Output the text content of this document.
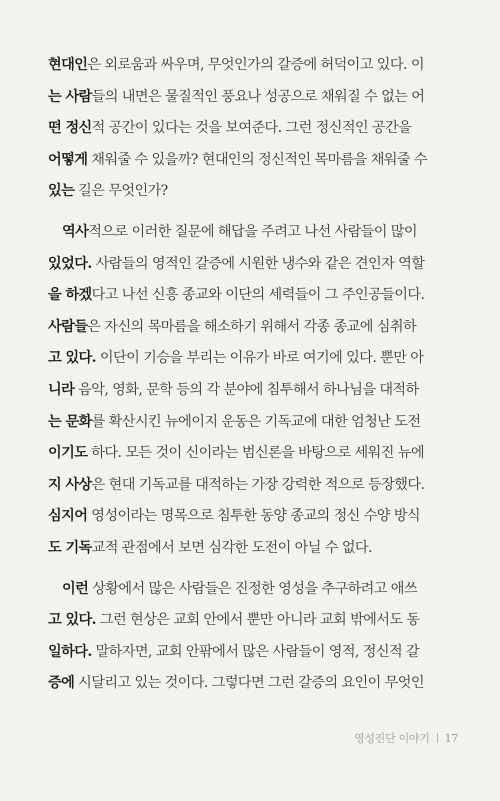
현대인은 외로움과 싸우며, 무엇인가의 갈증에 허덕이고 있다. 이
는 사람들의 내면은 물질적인 풍요나 성공으로 채워질 수 없는 어
떤 정신적 공간이 있다는 것을 보여준다. 그런 정신적인 공간을
어떻게 채워줄 수 있을까? 현대인의 정신적인 목마름을 채워줄 수
있는 길은 무엇인가?
역사적으로 이러한 질문에 해답을 주려고 나선 사람들이 많이
있었다. 사람들의 영적인 갈증에 시원한 냉수와 같은 견인자 역할
을 하겠다고 나선 신흥 종교와 이단의 세력들이 그 주인공들이다.
사람들은 자신의 목마름을 해소하기 위해서 각종 종교에 심취하
고 있다. 이단이 기승을 부리는 이유가 바로 여기에 있다. 뿐만 아
니라 음악, 영화, 문학 등의 각 분야에 침투해서 하나님을 대적하
는 문화를 확산시킨 뉴에이지 운동은 기독교에 대한 엄청난 도전
이기도 하다. 모든 것이 신이라는 범신론을 바탕으로 세워진 뉴에
지 사상은 현대 기독교를 대적하는 가장 강력한 적으로 등장했다.
심지어 영성이라는 명목으로 침투한 동양 종교의 정신 수양 방식
도 기독교적 관점에서 보면 심각한 도전이 아닐 수 없다.
이런 상황에서 많은 사람들은 진정한 영성을 추구하려고 애쓰
고 있다. 그런 현상은 교회 안에서 뿐만 아니라 교회 밖에서도 동
일하다. 말하자면, 교회 안팎에서 많은 사람들이 영적, 정신적 갈
증에 시달리고 있는 것이다. 그렇다면 그런 갈증의 요인이 무엇인
영성진단 이야기 17
